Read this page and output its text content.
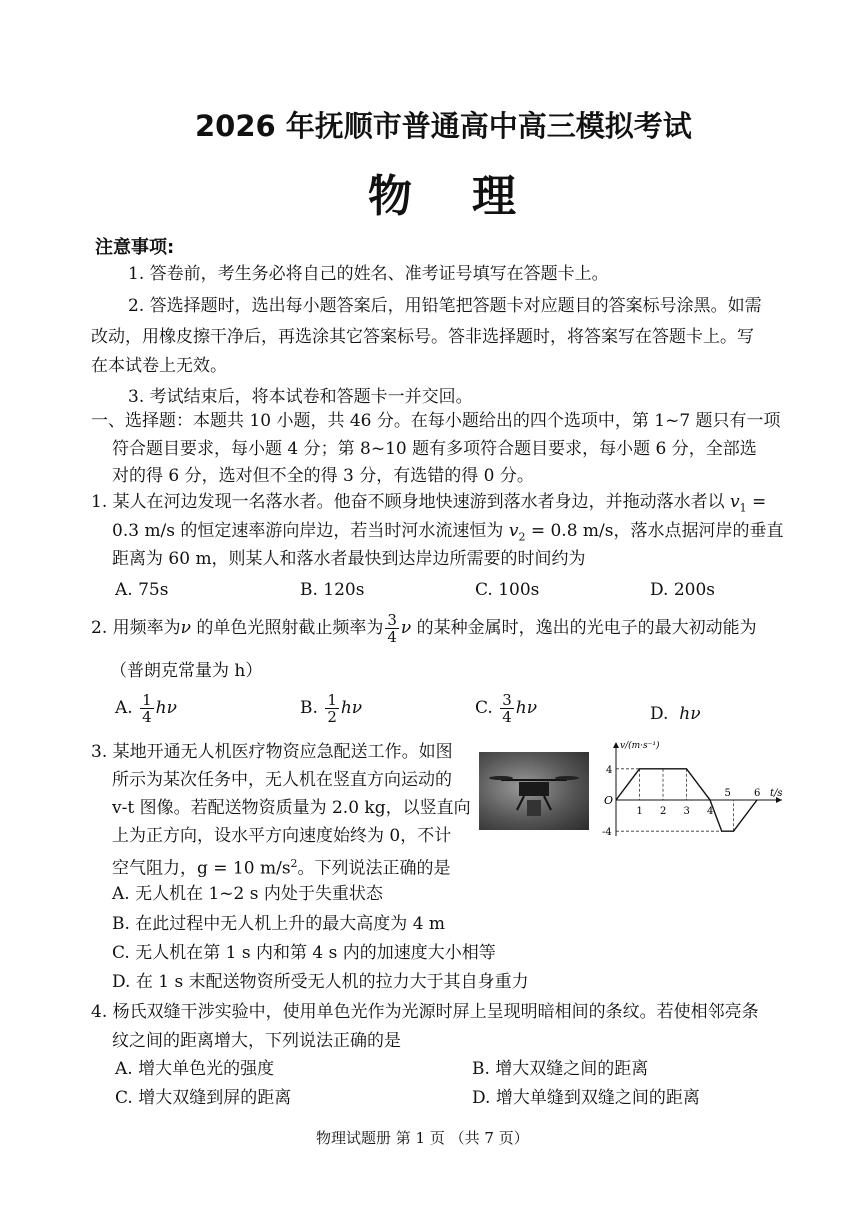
2026 年抚顺市普通高中高三模拟考试
物　理
注意事项:
1. 答卷前，考生务必将自己的姓名、准考证号填写在答题卡上。
2. 答选择题时，选出每小题答案后，用铅笔把答题卡对应题目的答案标号涂黑。如需
改动，用橡皮擦干净后，再选涂其它答案标号。答非选择题时，将答案写在答题卡上。写
在本试卷上无效。
3. 考试结束后，将本试卷和答题卡一并交回。
一、选择题：本题共 10 小题，共 46 分。在每小题给出的四个选项中，第 1~7 题只有一项
符合题目要求，每小题 4 分；第 8~10 题有多项符合题目要求，每小题 6 分，全部选
对的得 6 分，选对但不全的得 3 分，有选错的得 0 分。
1. 某人在河边发现一名落水者。他奋不顾身地快速游到落水者身边，并拖动落水者以 $v_1$ =
0.3 m/s 的恒定速率游向岸边，若当时河水流速恒为 $v_2 = 0.8$ m/s，落水点据河岸的垂直
距离为 60 m，则某人和落水者最快到达岸边所需要的时间约为
A. 75s	B. 120s	C. 100s	D. 200s
2. 用频率为ν 的单色光照射截止频率为 $\frac{3}{4}$ ν 的某种金属时，逸出的光电子的最大初动能为
（普朗克常量为 h）
A. $\frac{1}{4}$ hν	B. $\frac{1}{2}$ hν	C. $\frac{3}{4}$ hν	D. hν
3. 某地开通无人机医疗物资应急配送工作。如图
所示为某次任务中，无人机在竖直方向运动的
v-t 图像。若配送物资质量为 2.0 kg，以竖直向
上为正方向，设水平方向速度始终为 0，不计
空气阻力，g = 10 $m/s^2$。下列说法正确的是
A. 无人机在 1~2 s 内处于失重状态
B. 在此过程中无人机上升的最大高度为 4 m
C. 无人机在第 1 s 内和第 4 s 内的加速度大小相等
D. 在 1 s 末配送物资所受无人机的拉力大于其自身重力
v/(m·s⁻¹)
t/s
O
4
-4
1 2 3 4
5 6
4. 杨氏双缝干涉实验中，使用单色光作为光源时屏上呈现明暗相间的条纹。若使相邻亮条
纹之间的距离增大，下列说法正确的是
A. 增大单色光的强度	B. 增大双缝之间的距离
C. 增大双缝到屏的距离	D. 增大单缝到双缝之间的距离
物理试题册 第 1 页 （共 7 页）
